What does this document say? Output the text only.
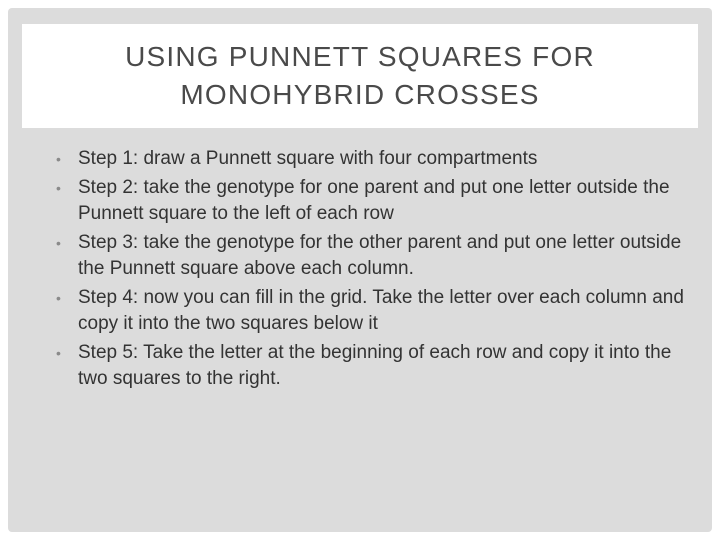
USING PUNNETT SQUARES FOR
MONOHYBRID CROSSES
• Step 1: draw a Punnett square with four compartments
• Step 2: take the genotype for one parent and put one letter outside the Punnett square to the left of each row
• Step 3: take the genotype for the other parent and put one letter outside the Punnett square above each column.
• Step 4: now you can fill in the grid. Take the letter over each column and copy it into the two squares below it
• Step 5: Take the letter at the beginning of each row and copy it into the two squares to the right.
